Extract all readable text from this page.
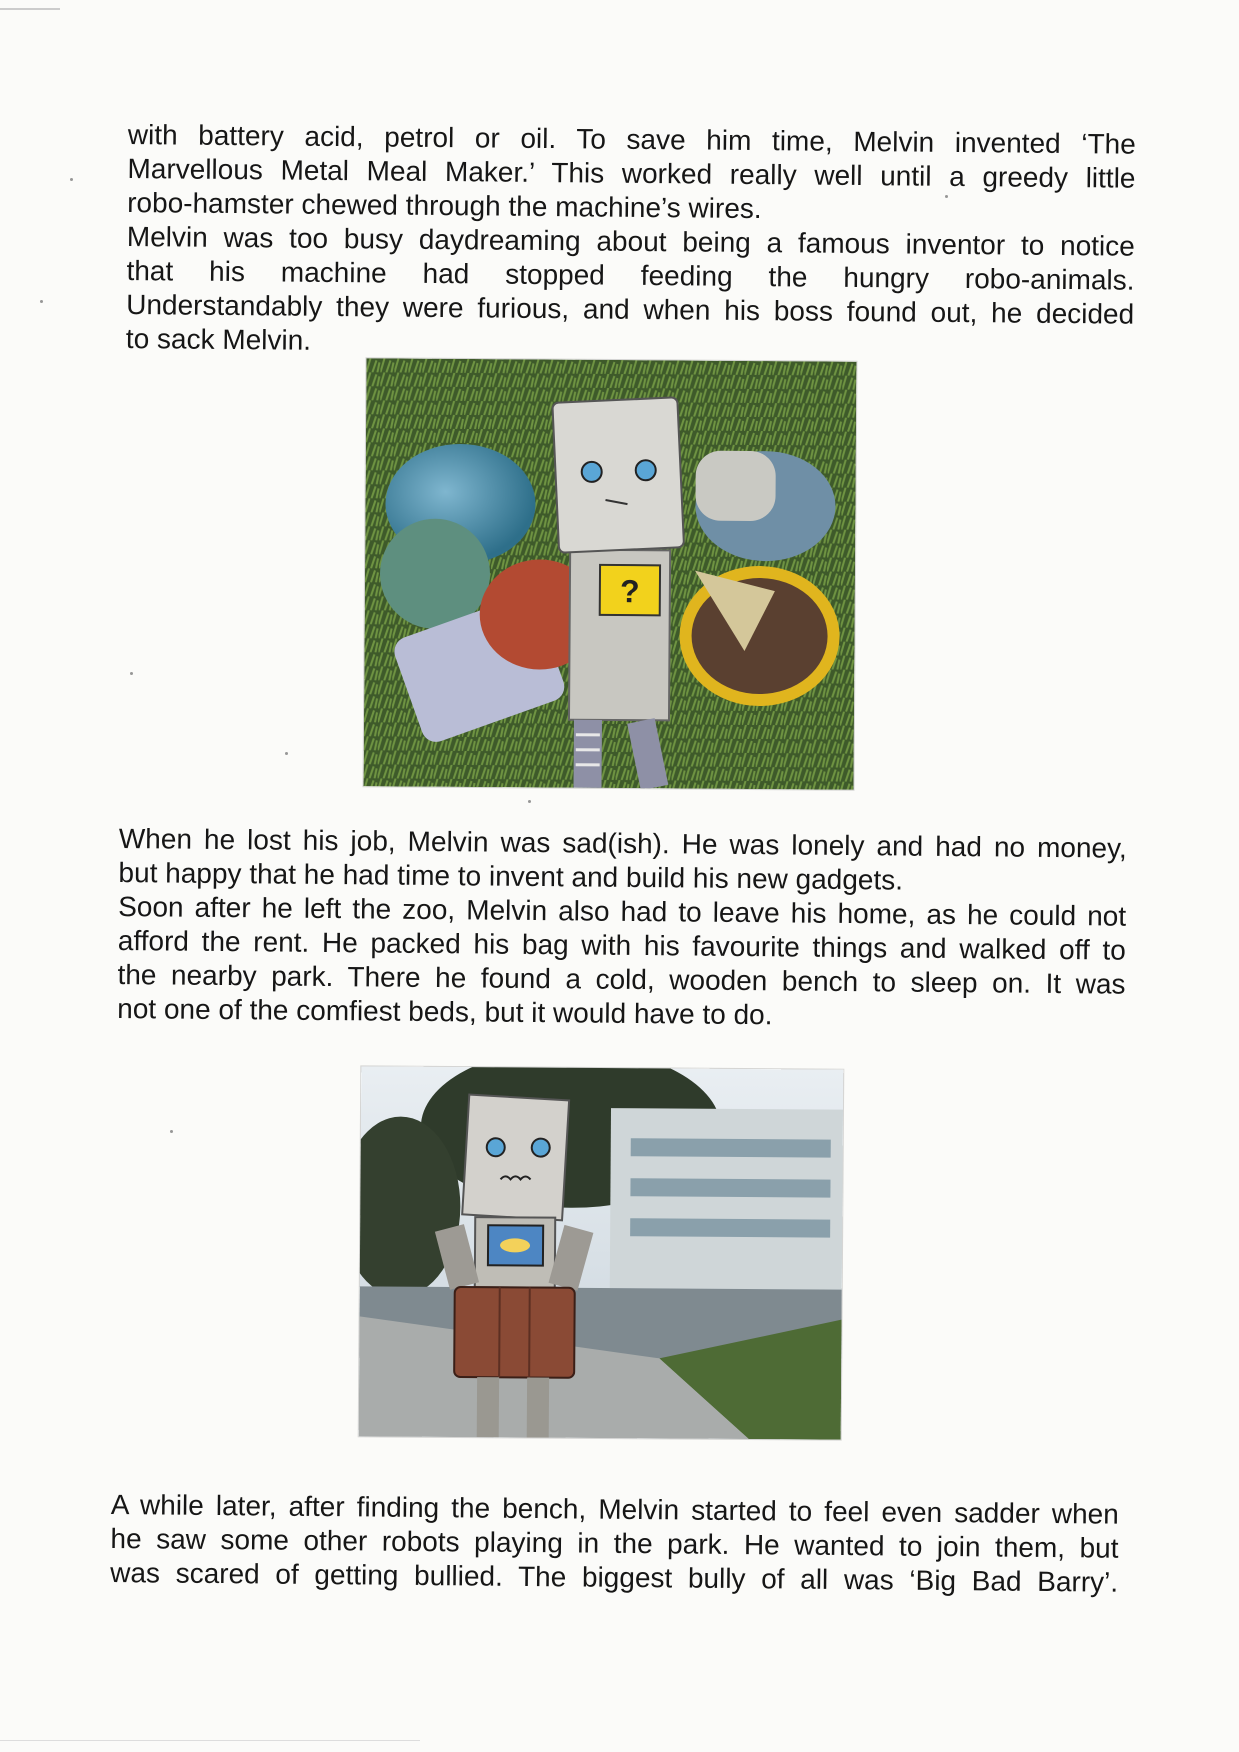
with battery acid, petrol or oil. To save him time, Melvin invented ‘The
Marvellous Metal Meal Maker.’ This worked really well until a greedy little
robo-hamster chewed through the machine’s wires.
Melvin was too busy daydreaming about being a famous inventor to notice
that his machine had stopped feeding the hungry robo-animals.
Understandably they were furious, and when his boss found out, he decided
to sack Melvin.
?
When he lost his job, Melvin was sad(ish). He was lonely and had no money,
but happy that he had time to invent and build his new gadgets.
Soon after he left the zoo, Melvin also had to leave his home, as he could not
afford the rent. He packed his bag with his favourite things and walked off to
the nearby park. There he found a cold, wooden bench to sleep on. It was
not one of the comfiest beds, but it would have to do.
A while later, after finding the bench, Melvin started to feel even sadder when
he saw some other robots playing in the park. He wanted to join them, but
was scared of getting bullied. The biggest bully of all was ‘Big Bad Barry’.
